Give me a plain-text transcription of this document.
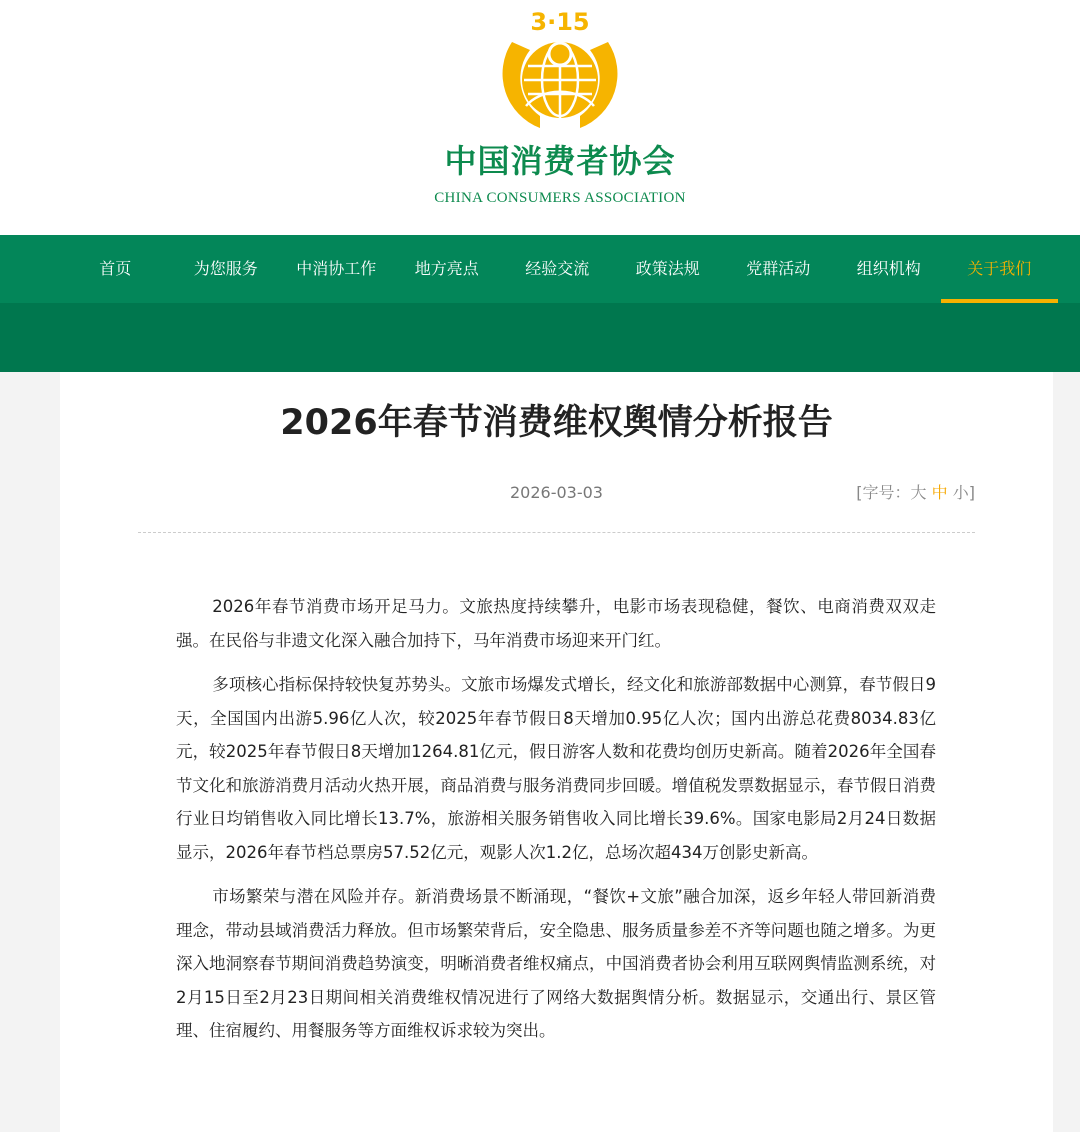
3·15
中国消费者协会
CHINA CONSUMERS ASSOCIATION
首页	为您服务	中消协工作	地方亮点	经验交流	政策法规	党群活动	组织机构	关于我们
2026年春节消费维权舆情分析报告
2026-03-03	[字号：大 中 小]

2026年春节消费市场开足马力。文旅热度持续攀升，电影市场表现稳健，餐饮、电商消费双双走强。在民俗与非遗文化深入融合加持下，马年消费市场迎来开门红。

多项核心指标保持较快复苏势头。文旅市场爆发式增长，经文化和旅游部数据中心测算，春节假日9天，全国国内出游5.96亿人次，较2025年春节假日8天增加0.95亿人次；国内出游总花费8034.83亿元，较2025年春节假日8天增加1264.81亿元，假日游客人数和花费均创历史新高。随着2026年全国春节文化和旅游消费月活动火热开展，商品消费与服务消费同步回暖。增值税发票数据显示，春节假日消费行业日均销售收入同比增长13.7%，旅游相关服务销售收入同比增长39.6%。国家电影局2月24日数据显示，2026年春节档总票房57.52亿元，观影人次1.2亿，总场次超434万创影史新高。

市场繁荣与潜在风险并存。新消费场景不断涌现，“餐饮+文旅”融合加深，返乡年轻人带回新消费理念，带动县域消费活力释放。但市场繁荣背后，安全隐患、服务质量参差不齐等问题也随之增多。为更深入地洞察春节期间消费趋势演变，明晰消费者维权痛点，中国消费者协会利用互联网舆情监测系统，对2月15日至2月23日期间相关消费维权情况进行了网络大数据舆情分析。数据显示，交通出行、景区管理、住宿履约、用餐服务等方面维权诉求较为突出。
